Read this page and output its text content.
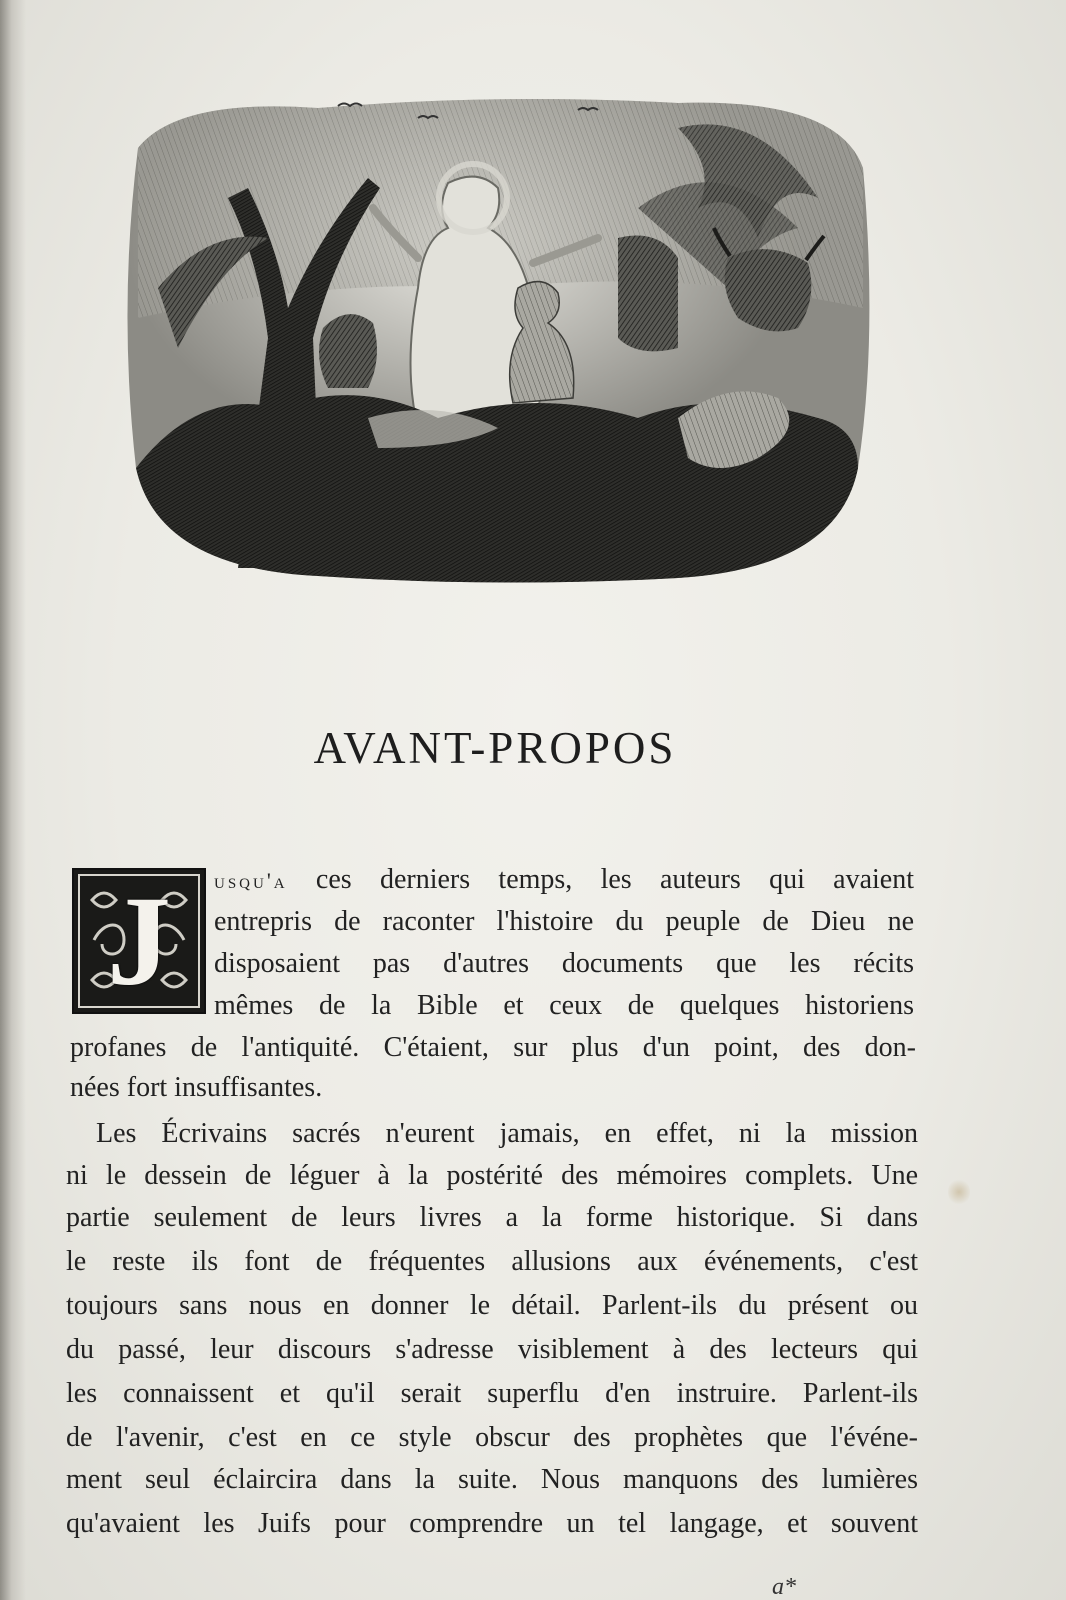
AVANT-PROPOS
J	usqu'a ces derniers temps, les auteurs qui avaient
entrepris de raconter l'histoire du peuple de Dieu ne
disposaient pas d'autres documents que les récits
mêmes de la Bible et ceux de quelques historiens
profanes de l'antiquité. C'étaient, sur plus d'un point, des don-
nées fort insuffisantes.
Les Écrivains sacrés n'eurent jamais, en effet, ni la mission
ni le dessein de léguer à la postérité des mémoires complets. Une
partie seulement de leurs livres a la forme historique. Si dans
le reste ils font de fréquentes allusions aux événements, c'est
toujours sans nous en donner le détail. Parlent-ils du présent ou
du passé, leur discours s'adresse visiblement à des lecteurs qui
les connaissent et qu'il serait superflu d'en instruire. Parlent-ils
de l'avenir, c'est en ce style obscur des prophètes que l'événe-
ment seul éclaircira dans la suite. Nous manquons des lumières
qu'avaient les Juifs pour comprendre un tel langage, et souvent
a*
